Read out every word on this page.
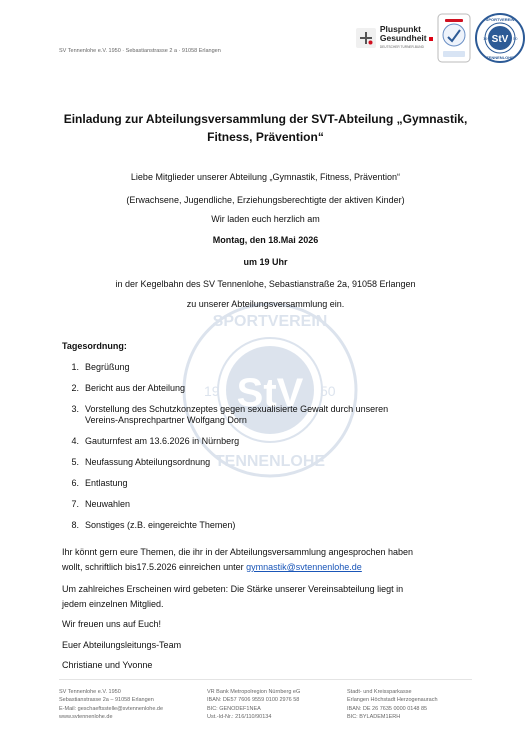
SV Tennenlohe e.V. 1950 · Sebastianstrasse 2 a · 91058 Erlangen
Pluspunkt
Gesundheit
DEUTSCHER TURNER-BUND
StV
19	50
SPORTVEREIN
TENNENLOHE
StV
19	50
SPORTVEREIN
TENNENLOHE
Einladung zur Abteilungsversammlung der SVT-Abteilung „Gymnastik,
Fitness, Prävention“
Liebe Mitglieder unserer Abteilung „Gymnastik, Fitness, Prävention“
(Erwachsene, Jugendliche, Erziehungsberechtigte der aktiven Kinder)
Wir laden euch herzlich am
Montag, den 18.Mai 2026
um 19 Uhr
in der Kegelbahn des SV Tennenlohe, Sebastianstraße 2a, 91058 Erlangen
zu unserer Abteilungsversammlung ein.
Tagesordnung:
1. Begrüßung
2. Bericht aus der Abteilung
3. Vorstellung des Schutzkonzeptes gegen sexualisierte Gewalt durch unseren
Vereins-Ansprechpartner Wolfgang Dorn
4. Gauturnfest am 13.6.2026 in Nürnberg
5. Neufassung Abteilungsordnung
6. Entlastung
7. Neuwahlen
8. Sonstiges (z.B. eingereichte Themen)
Ihr könnt gern eure Themen, die ihr in der Abteilungsversammlung angesprochen haben
wollt, schriftlich bis17.5.2026 einreichen unter gymnastik@svtennenlohe.de
Um zahlreiches Erscheinen wird gebeten: Die Stärke unserer Vereinsabteilung liegt in
jedem einzelnen Mitglied.
Wir freuen uns auf Euch!
Euer Abteilungsleitungs-Team
Christiane und Yvonne
SV Tennenlohe e.V. 1950
Sebastianstrasse 2a – 91058 Erlangen
E-Mail: geschaeftsstelle@svtennenlohe.de
www.svtennenlohe.de
VR Bank Metropolregion Nürnberg eG
IBAN: DE57 7606 9559 0100 2976 58
BIC: GENODEF1NEA
Ust.-Id-Nr.: 216/110/90134
Stadt- und Kreissparkasse
Erlangen Höchstadt Herzogenaurach
IBAN: DE 26 7635 0000 0148 85
BIC: BYLADEM1ERH
